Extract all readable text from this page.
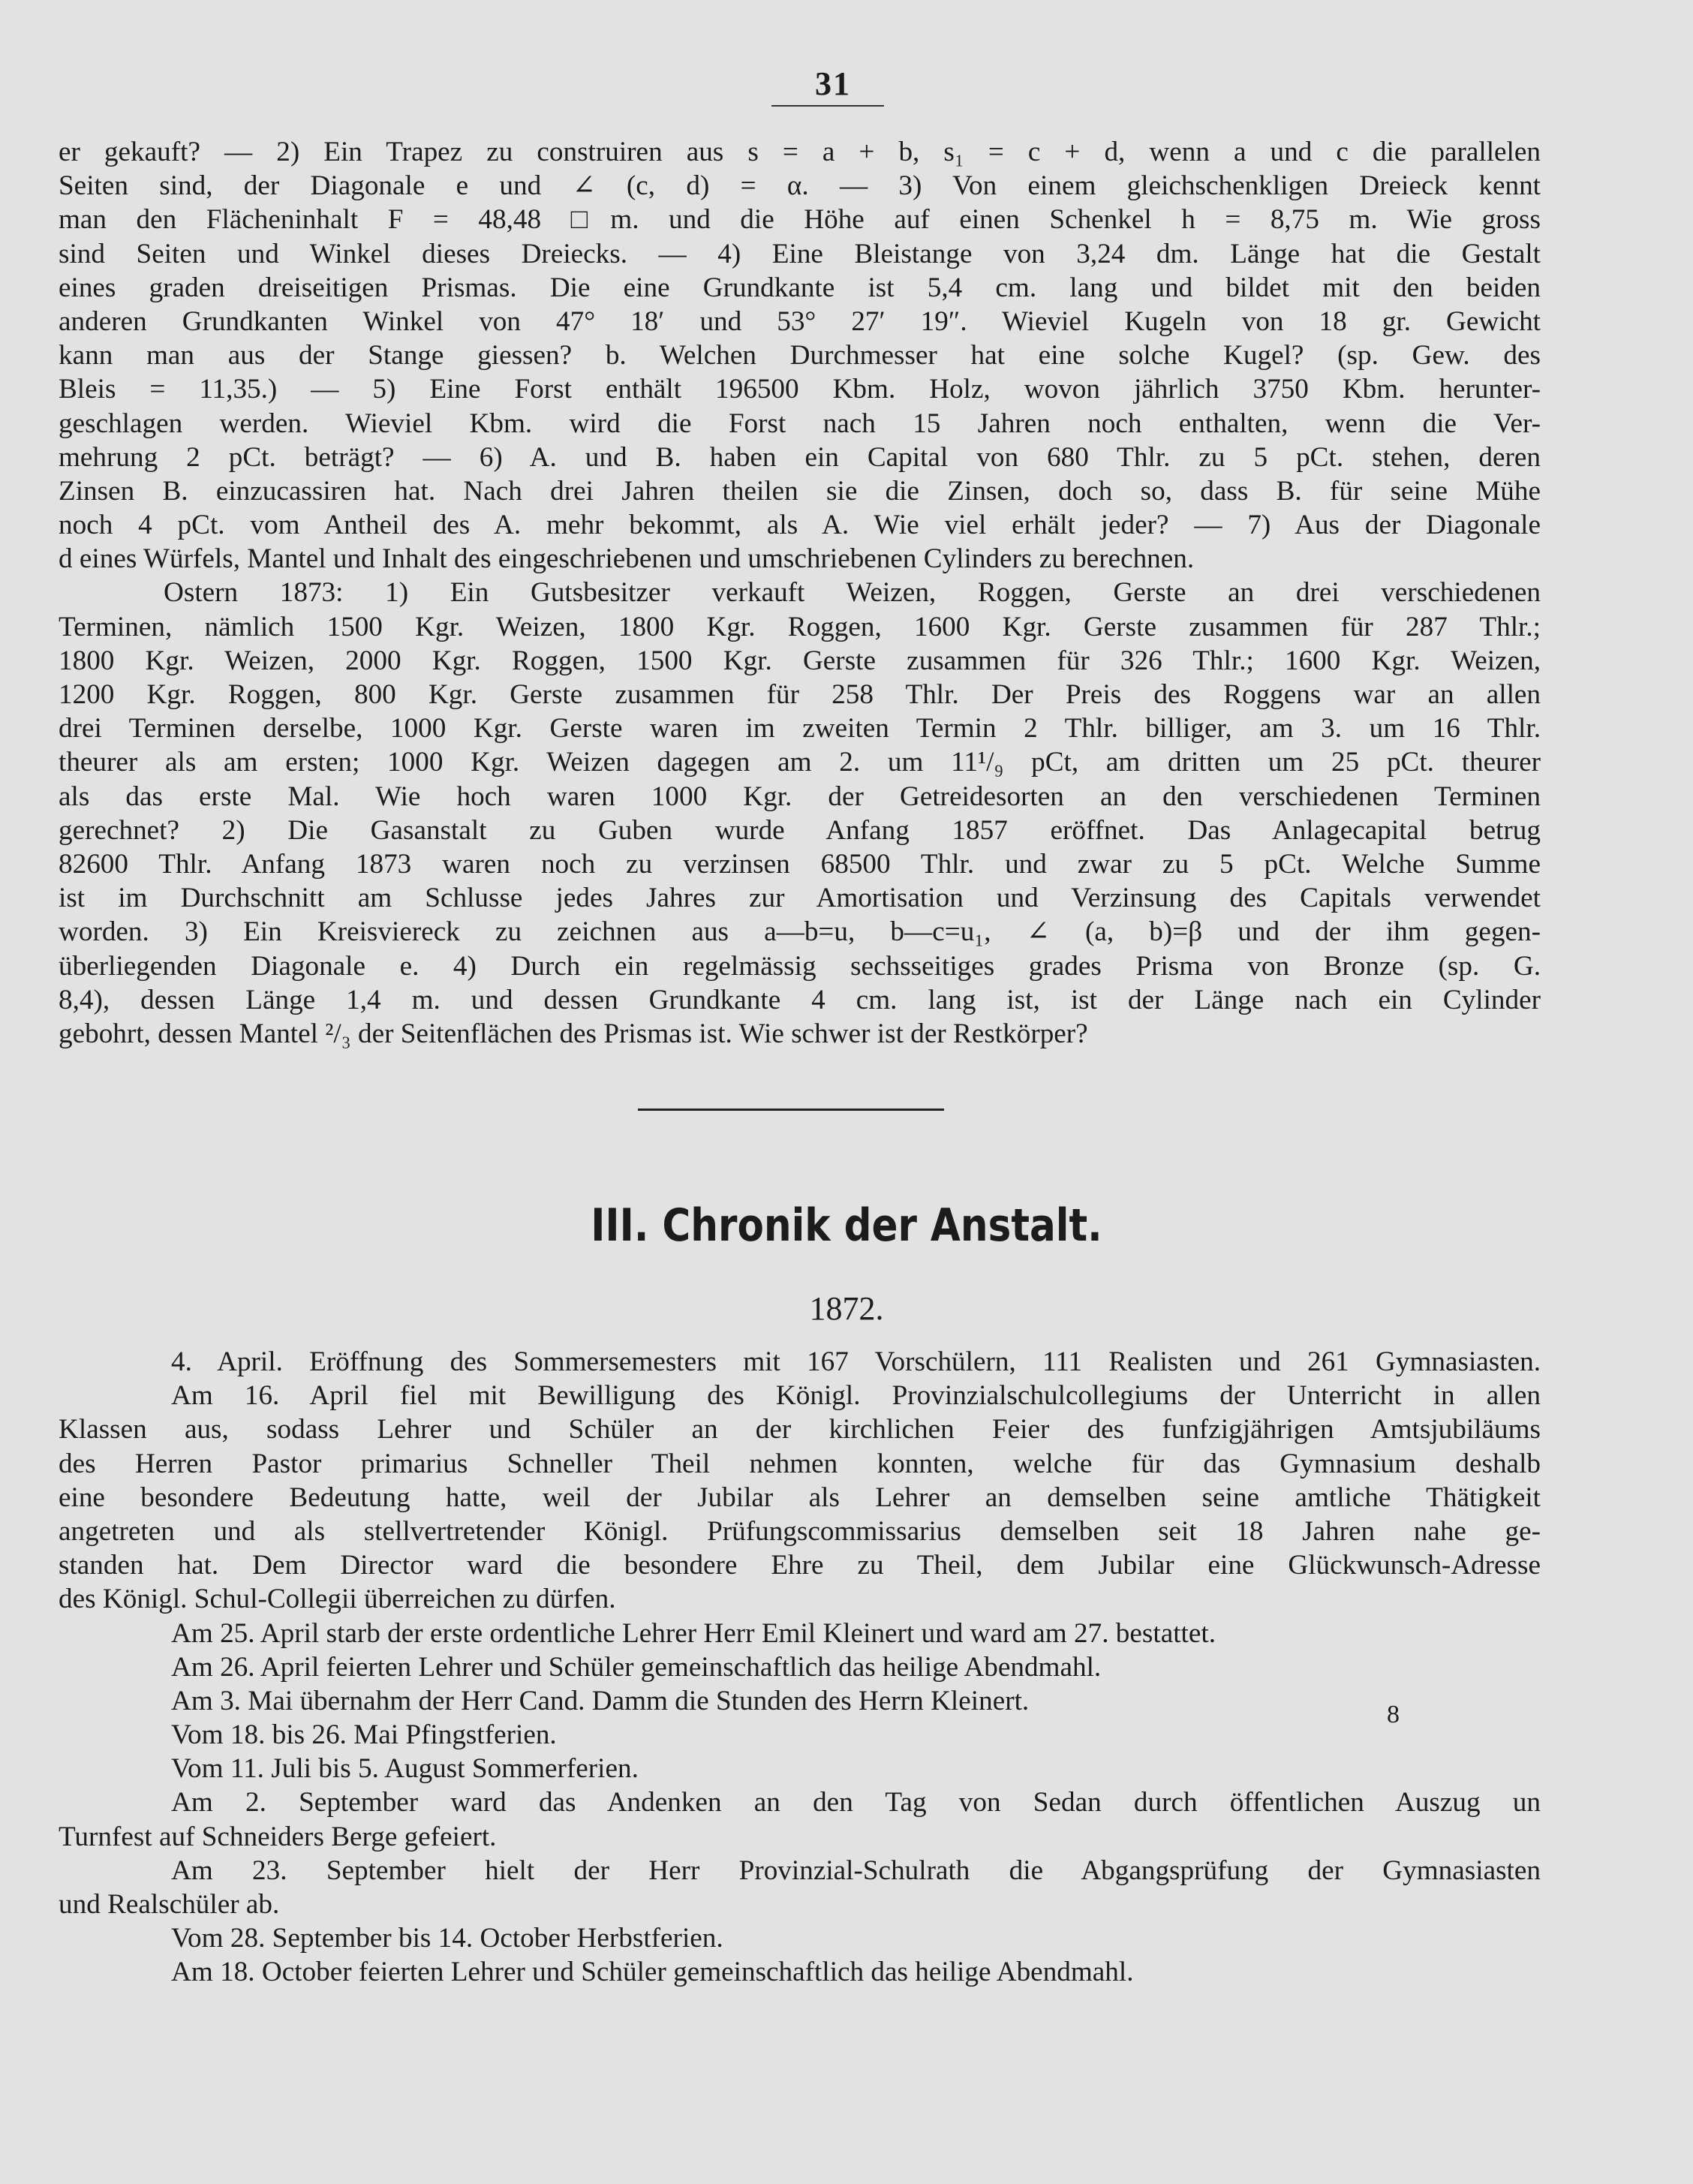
31
er gekauft? — 2) Ein Trapez zu construiren aus s = a + b, s₁ = c + d, wenn a und c die parallelen
Seiten sind, der Diagonale e und ∠ (c, d) = α. — 3) Von einem gleichschenkligen Dreieck kennt
man den Flächeninhalt F = 48,48 □m. und die Höhe auf einen Schenkel h = 8,75 m. Wie gross
sind Seiten und Winkel dieses Dreiecks. — 4) Eine Bleistange von 3,24 dm. Länge hat die Gestalt
eines graden dreiseitigen Prismas. Die eine Grundkante ist 5,4 cm. lang und bildet mit den beiden
anderen Grundkanten Winkel von 47° 18′ und 53° 27′ 19″. Wieviel Kugeln von 18 gr. Gewicht
kann man aus der Stange giessen? b. Welchen Durchmesser hat eine solche Kugel? (sp. Gew. des
Bleis = 11,35.) — 5) Eine Forst enthält 196500 Kbm. Holz, wovon jährlich 3750 Kbm. herunter-
geschlagen werden. Wieviel Kbm. wird die Forst nach 15 Jahren noch enthalten, wenn die Ver-
mehrung 2 pCt. beträgt? — 6) A. und B. haben ein Capital von 680 Thlr. zu 5 pCt. stehen, deren
Zinsen B. einzucassiren hat. Nach drei Jahren theilen sie die Zinsen, doch so, dass B. für seine Mühe
noch 4 pCt. vom Antheil des A. mehr bekommt, als A. Wie viel erhält jeder? — 7) Aus der Diagonale
d eines Würfels, Mantel und Inhalt des eingeschriebenen und umschriebenen Cylinders zu berechnen.
Ostern 1873: 1) Ein Gutsbesitzer verkauft Weizen, Roggen, Gerste an drei verschiedenen
Terminen, nämlich 1500 Kgr. Weizen, 1800 Kgr. Roggen, 1600 Kgr. Gerste zusammen für 287 Thlr.;
1800 Kgr. Weizen, 2000 Kgr. Roggen, 1500 Kgr. Gerste zusammen für 326 Thlr.; 1600 Kgr. Weizen,
1200 Kgr. Roggen, 800 Kgr. Gerste zusammen für 258 Thlr. Der Preis des Roggens war an allen
drei Terminen derselbe, 1000 Kgr. Gerste waren im zweiten Termin 2 Thlr. billiger, am 3. um 16 Thlr.
theurer als am ersten; 1000 Kgr. Weizen dagegen am 2. um 11¹/₉ pCt, am dritten um 25 pCt. theurer
als das erste Mal. Wie hoch waren 1000 Kgr. der Getreidesorten an den verschiedenen Terminen
gerechnet? 2) Die Gasanstalt zu Guben wurde Anfang 1857 eröffnet. Das Anlagecapital betrug
82600 Thlr. Anfang 1873 waren noch zu verzinsen 68500 Thlr. und zwar zu 5 pCt. Welche Summe
ist im Durchschnitt am Schlusse jedes Jahres zur Amortisation und Verzinsung des Capitals verwendet
worden. 3) Ein Kreisviereck zu zeichnen aus a—b=u, b—c=u₁, ∠ (a, b)=β und der ihm gegen-
überliegenden Diagonale e. 4) Durch ein regelmässig sechsseitiges grades Prisma von Bronze (sp. G.
8,4), dessen Länge 1,4 m. und dessen Grundkante 4 cm. lang ist, ist der Länge nach ein Cylinder
gebohrt, dessen Mantel ²/₃ der Seitenflächen des Prismas ist. Wie schwer ist der Restkörper?
III. Chronik der Anstalt.
1872.
4. April. Eröffnung des Sommersemesters mit 167 Vorschülern, 111 Realisten und 261 Gymnasiasten.
Am 16. April fiel mit Bewilligung des Königl. Provinzialschulcollegiums der Unterricht in allen
Klassen aus, sodass Lehrer und Schüler an der kirchlichen Feier des funfzigjährigen Amtsjubiläums
des Herren Pastor primarius Schneller Theil nehmen konnten, welche für das Gymnasium deshalb
eine besondere Bedeutung hatte, weil der Jubilar als Lehrer an demselben seine amtliche Thätigkeit
angetreten und als stellvertretender Königl. Prüfungscommissarius demselben seit 18 Jahren nahe ge-
standen hat. Dem Director ward die besondere Ehre zu Theil, dem Jubilar eine Glückwunsch-Adresse
des Königl. Schul-Collegii überreichen zu dürfen.
Am 25. April starb der erste ordentliche Lehrer Herr Emil Kleinert und ward am 27. bestattet.
Am 26. April feierten Lehrer und Schüler gemeinschaftlich das heilige Abendmahl.
Am 3. Mai übernahm der Herr Cand. Damm die Stunden des Herrn Kleinert.
Vom 18. bis 26. Mai Pfingstferien.
Vom 11. Juli bis 5. August Sommerferien.
Am 2. September ward das Andenken an den Tag von Sedan durch öffentlichen Auszug un
Turnfest auf Schneiders Berge gefeiert.
Am 23. September hielt der Herr Provinzial-Schulrath die Abgangsprüfung der Gymnasiasten
und Realschüler ab.
Vom 28. September bis 14. October Herbstferien.
Am 18. October feierten Lehrer und Schüler gemeinschaftlich das heilige Abendmahl.
8
